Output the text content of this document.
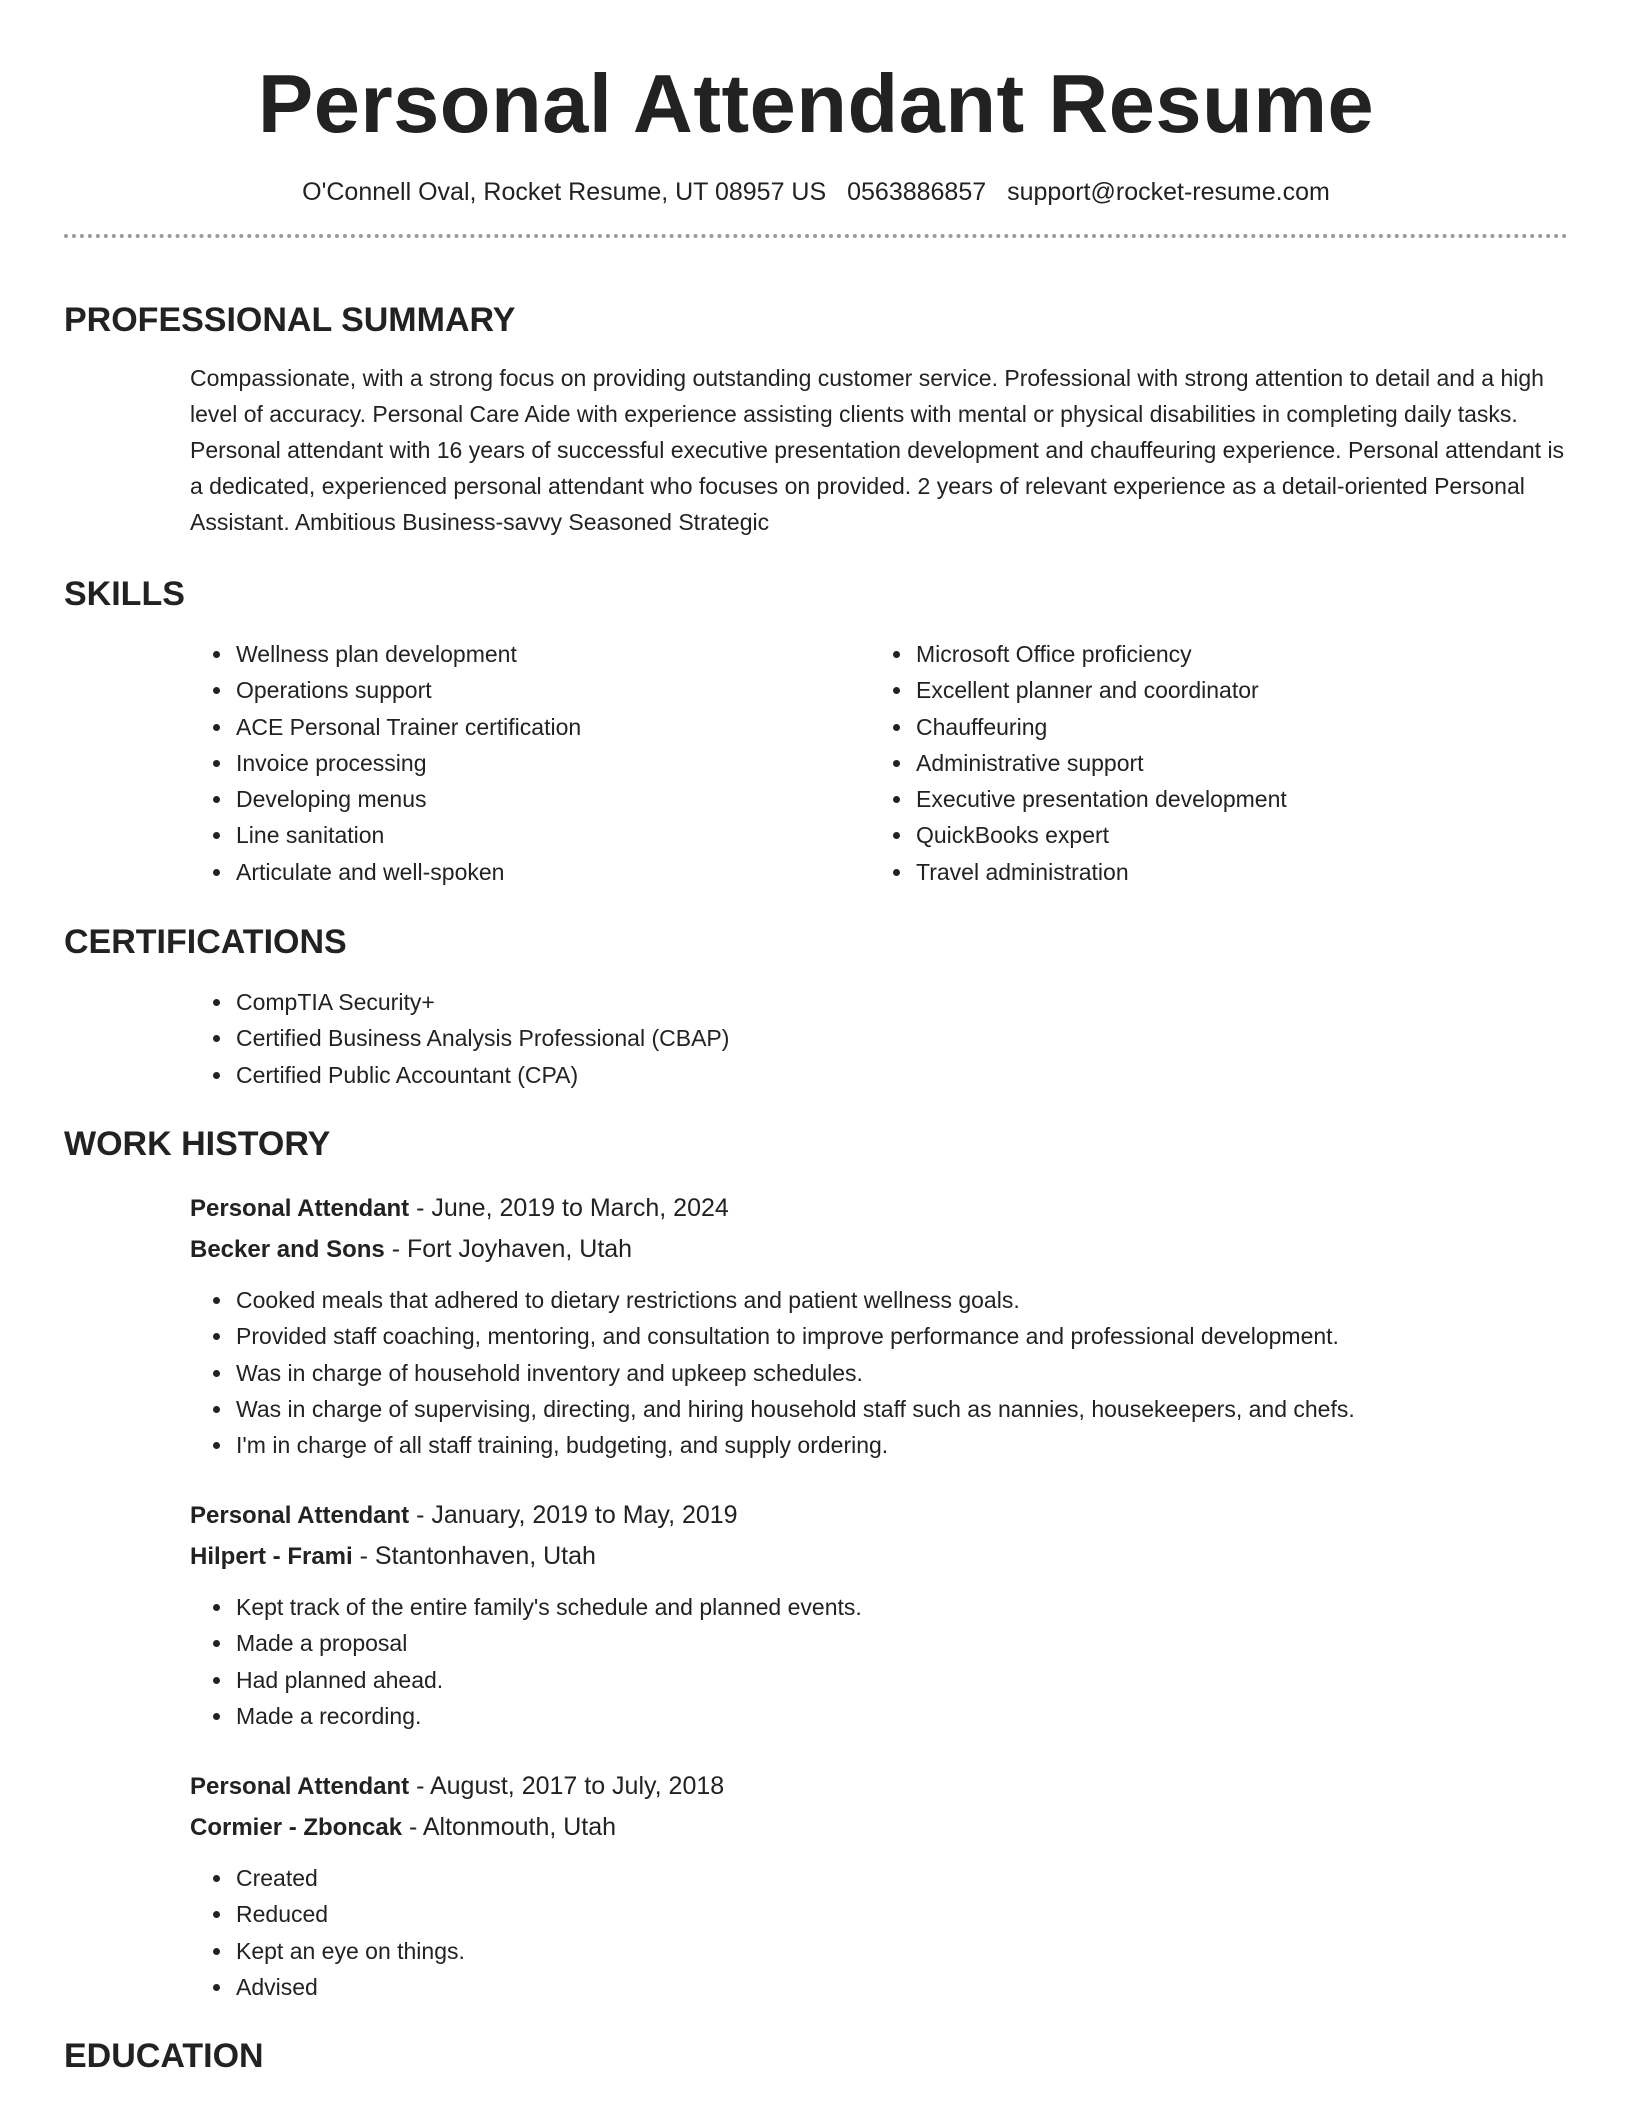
Personal Attendant Resume
O'Connell Oval, Rocket Resume, UT 08957 US 0563886857 support@rocket-resume.com
PROFESSIONAL SUMMARY

Compassionate, with a strong focus on providing outstanding customer service. Professional with strong attention to detail and a high level of accuracy. Personal Care Aide with experience assisting clients with mental or physical disabilities in completing daily tasks. Personal attendant with 16 years of successful executive presentation development and chauffeuring experience. Personal attendant is a dedicated, experienced personal attendant who focuses on provided. 2 years of relevant experience as a detail-oriented Personal Assistant. Ambitious Business-savvy Seasoned Strategic

SKILLS
• Wellness plan development
• Operations support
• ACE Personal Trainer certification
• Invoice processing
• Developing menus
• Line sanitation
• Articulate and well-spoken
• Microsoft Office proficiency
• Excellent planner and coordinator
• Chauffeuring
• Administrative support
• Executive presentation development
• QuickBooks expert
• Travel administration
CERTIFICATIONS
• CompTIA Security+
• Certified Business Analysis Professional (CBAP)
• Certified Public Accountant (CPA)
WORK HISTORY
Personal Attendant - June, 2019 to March, 2024
Becker and Sons - Fort Joyhaven, Utah
• Cooked meals that adhered to dietary restrictions and patient wellness goals.
• Provided staff coaching, mentoring, and consultation to improve performance and professional development.
• Was in charge of household inventory and upkeep schedules.
• Was in charge of supervising, directing, and hiring household staff such as nannies, housekeepers, and chefs.
• I'm in charge of all staff training, budgeting, and supply ordering.
Personal Attendant - January, 2019 to May, 2019
Hilpert - Frami - Stantonhaven, Utah
• Kept track of the entire family's schedule and planned events.
• Made a proposal
• Had planned ahead.
• Made a recording.
Personal Attendant - August, 2017 to July, 2018
Cormier - Zboncak - Altonmouth, Utah
• Created
• Reduced
• Kept an eye on things.
• Advised
EDUCATION
